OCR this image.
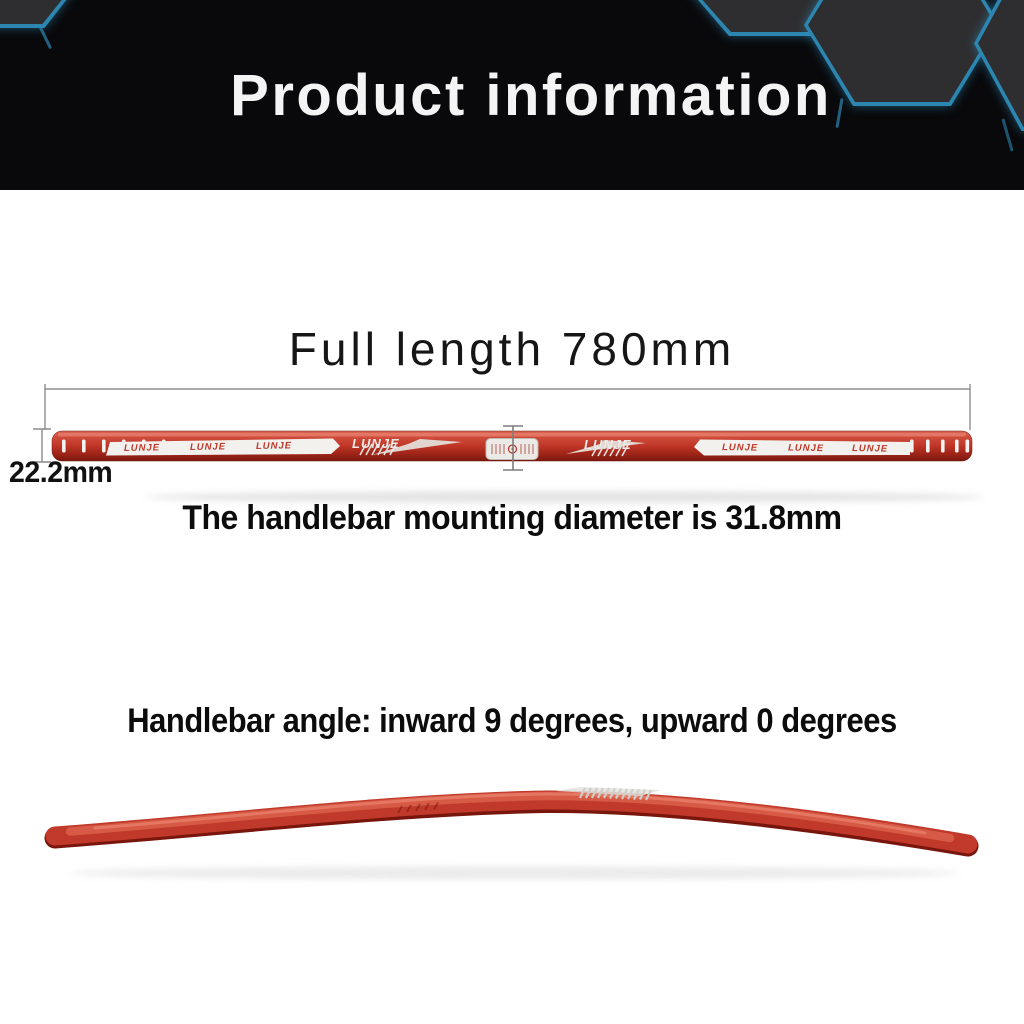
Product information
Full length 780mm
LUNJE	LUNJE	LUNJE	LUNJE	LUNJE	LUNJE	LUNJE	LUNJE
22.2mm
The handlebar mounting diameter is 31.8mm
Handlebar angle: inward 9 degrees, upward 0 degrees
